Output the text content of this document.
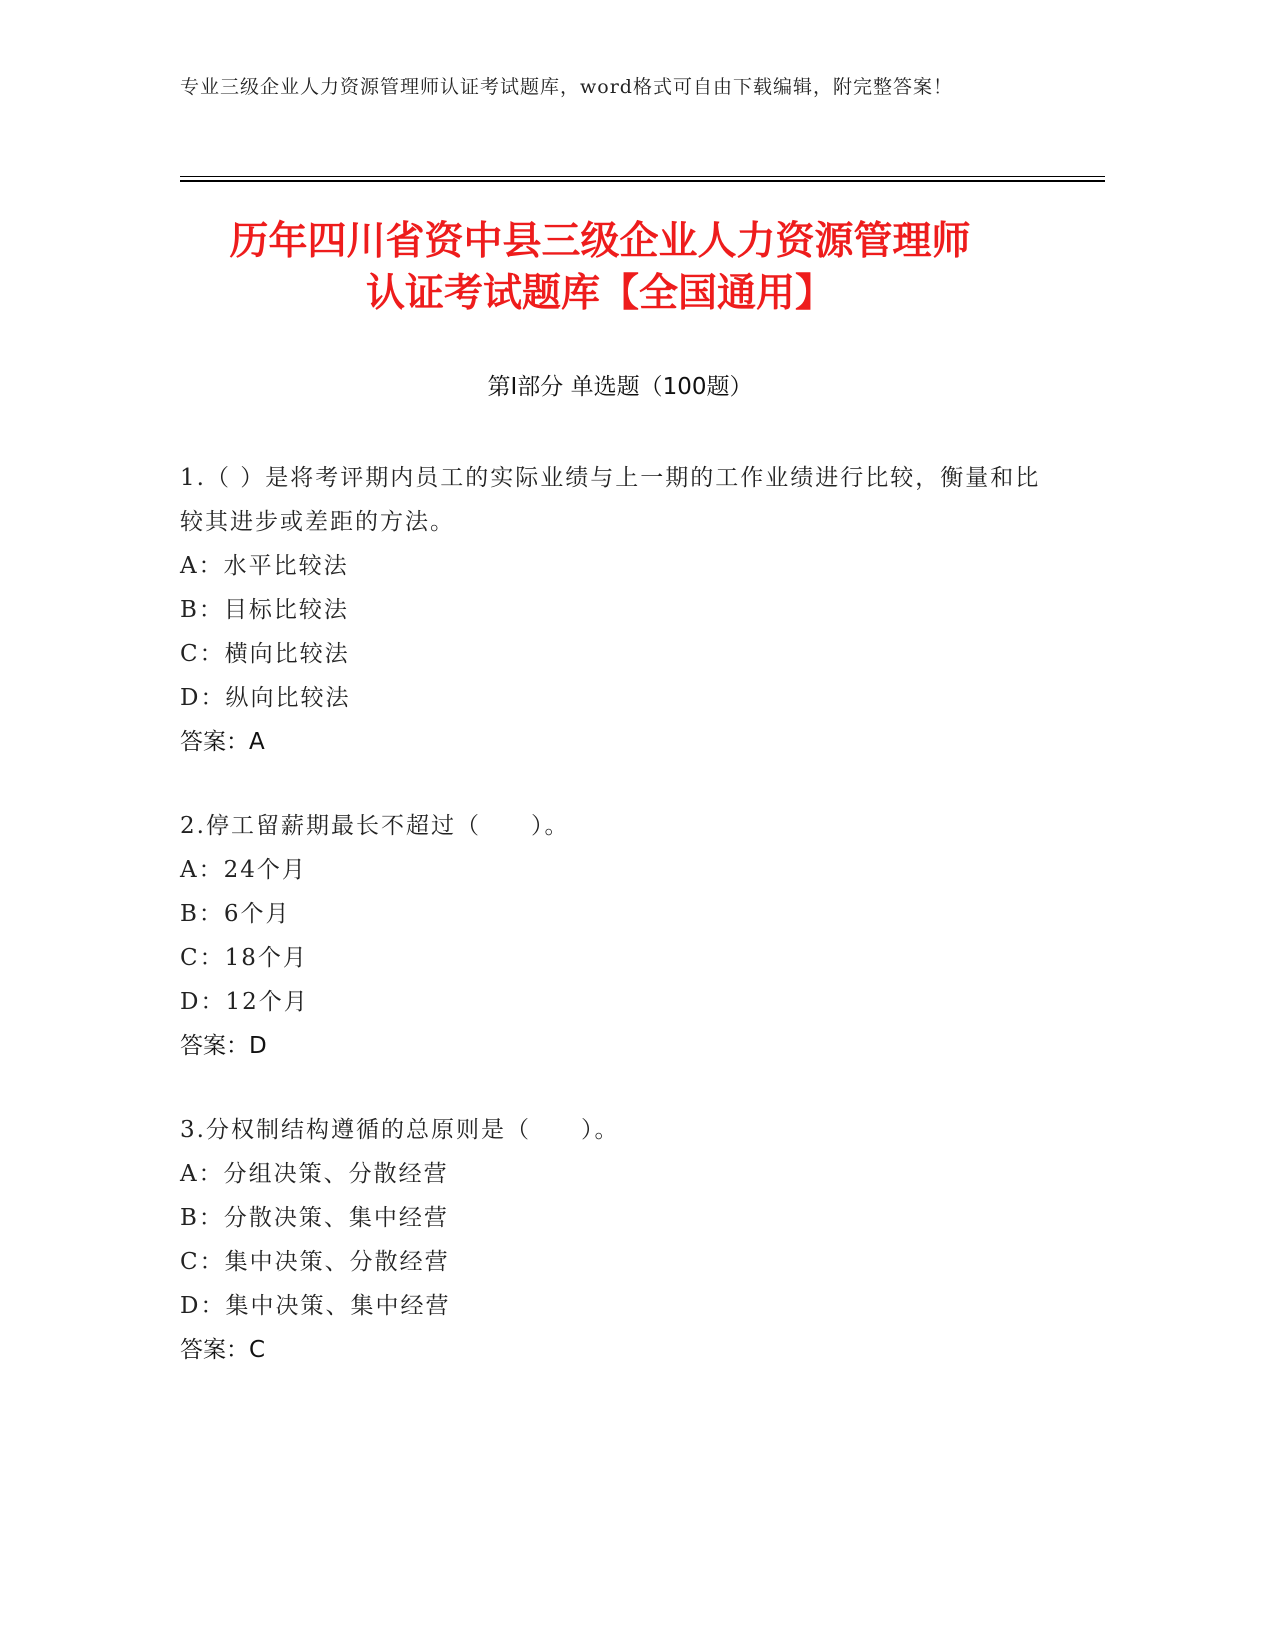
专业三级企业人力资源管理师认证考试题库，word格式可自由下载编辑，附完整答案！
历年四川省资中县三级企业人力资源管理师
认证考试题库【全国通用】
第Ⅰ部分 单选题（100题）
1.（ ）是将考评期内员工的实际业绩与上一期的工作业绩进行比较，衡量和比较其进步或差距的方法。
A：水平比较法
B：目标比较法
C：横向比较法
D：纵向比较法
答案：A
2.停工留薪期最长不超过（　　）。
A：24个月
B：6个月
C：18个月
D：12个月
答案：D
3.分权制结构遵循的总原则是（　　）。
A：分组决策、分散经营
B：分散决策、集中经营
C：集中决策、分散经营
D：集中决策、集中经营
答案：C
